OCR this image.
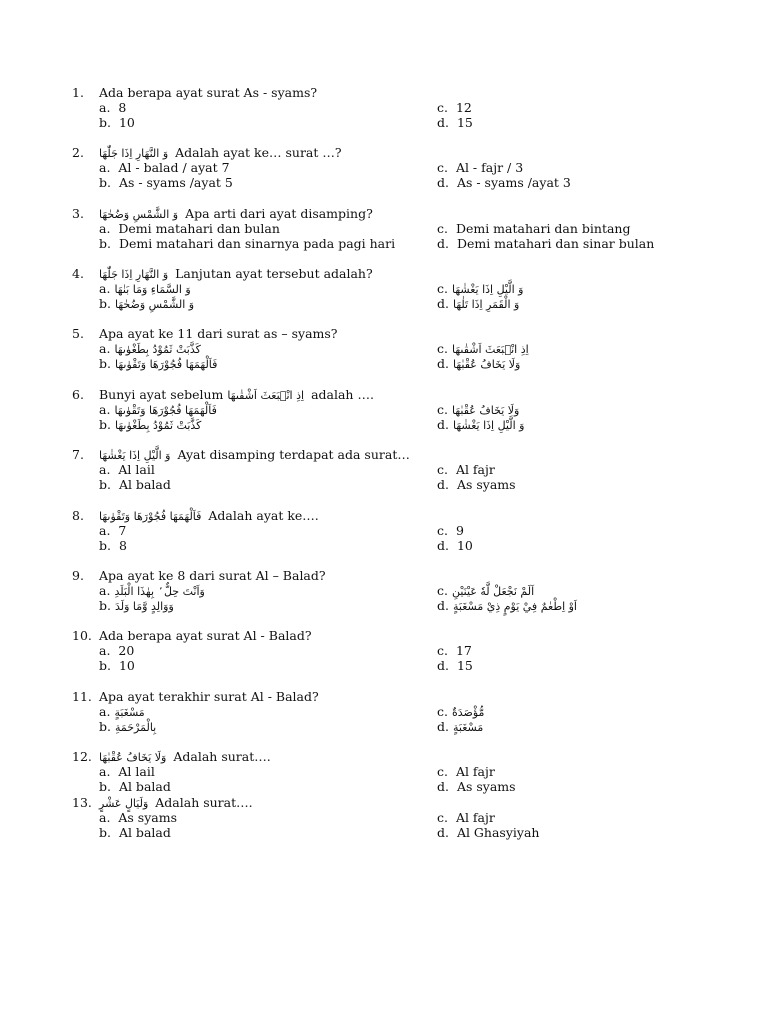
1.	Ada berapa ayat surat As - syams?
a. 8	c. 12
b. 10	d. 15
2.	وَ النَّهَارِ اِذَا جَلّٰهَا Adalah ayat ke… surat …?
a. Al - balad / ayat 7	c. Al - fajr / 3
b. As - syams /ayat 5	d. As - syams /ayat 3
3.	وَ الشَّمْسِ وَضُحٰهَا Apa arti dari ayat disamping?
a. Demi matahari dan bulan	c. Demi matahari dan bintang
b. Demi matahari dan sinarnya pada pagi hari	d. Demi matahari dan sinar bulan
4.	وَ النَّهَارِ اِذَا جَلّٰهَا Lanjutan ayat tersebut adalah?
a. وَ السَّمَاءِ وَمَا بَنٰهَا	c. وَ الَّيْلِ اِذَا يَغْشٰهَا
b. وَ الشَّمْسِ وَضُحٰهَا	d. وَ الْقَمَرِ اِذَا تَلٰهَا
5.	Apa ayat ke 11 dari surat as – syams?
a. كَذَّبَتْ ثَمُوْدُ بِطَغْوٰىهَا	c. اِذِ انْۢبَعَثَ اَشْقٰىهَا
b. فَاَلْهَمَهَا فُجُوْرَهَا وَتَقْوٰىهَا	d. وَلَا يَخَافُ عُقْبٰهَا
6.	Bunyi ayat sebelum اِذِ انْۢبَعَثَ اَشْقٰىهَا adalah ….
a. فَاَلْهَمَهَا فُجُوْرَهَا وَتَقْوٰىهَا	c. وَلَا يَخَافُ عُقْبٰهَا
b. كَذَّبَتْ ثَمُوْدُ بِطَغْوٰىهَا	d. وَ الَّيْلِ اِذَا يَغْشٰهَا
7.	وَ الَّيْلِ اِذَا يَغْشٰهَا Ayat disamping terdapat ada surat…
a. Al lail	c. Al fajr
b. Al balad	d. As syams
8.	فَاَلْهَمَهَا فُجُوْرَهَا وَتَقْوٰىهَا Adalah ayat ke….
a. 7	c. 9
b. 8	d. 10
9.	Apa ayat ke 8 dari surat Al – Balad?
a. وَاَنْتَ حِلٌّ ۢ بِهٰذَا الْبَلَدِ	c. اَلَمْ نَجْعَلْ لَّهٗ عَيْنَيْنِ
b. وَوَالِدٍ وَّمَا وَلَدَ	d. اَوْ اِطْعٰمٌ فِيْ يَوْمٍ ذِيْ مَسْغَبَةٍ
10. Ada berapa ayat surat Al - Balad?
a. 20	c. 17
b. 10	d. 15
11. Apa ayat terakhir surat Al - Balad?
a. مَسْغَبَةٍ	c. مُّؤْصَدَةٌ
b. بِالْمَرْحَمَةِ	d. مَسْغَبَةٍ
12. وَلَا يَخَافُ عُقْبٰهَا Adalah surat….
a. Al lail	c. Al fajr
b. Al balad	d. As syams
13. وَلَيَالٍ عَشْرٍ Adalah surat….
a. As syams	c. Al fajr
b. Al balad	d. Al Ghasyiyah
